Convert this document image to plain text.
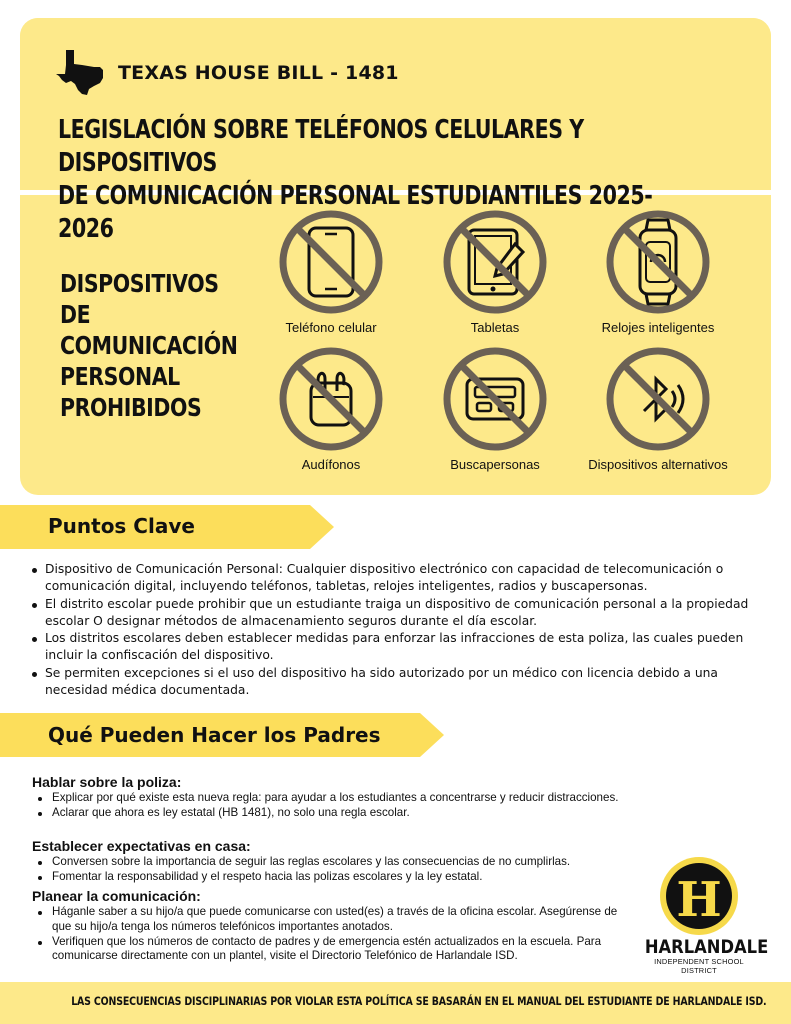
TEXAS HOUSE BILL - 1481
LEGISLACIÓN SOBRE TELÉFONOS CELULARES Y DISPOSITIVOS
DE COMUNICACIÓN PERSONAL ESTUDIANTILES 2025-2026
DISPOSITIVOS DE
COMUNICACIÓN
PERSONAL
PROHIBIDOS
Teléfono celular	Tabletas	Relojes inteligentes
Audífonos	Buscapersonas	Dispositivos alternativos
Puntos Clave
Dispositivo de Comunicación Personal: Cualquier dispositivo electrónico con capacidad de telecomunicación o comunicación digital, incluyendo teléfonos, tabletas, relojes inteligentes, radios y buscapersonas.
El distrito escolar puede prohibir que un estudiante traiga un dispositivo de comunicación personal a la propiedad escolar O designar métodos de almacenamiento seguros durante el día escolar.
Los distritos escolares deben establecer medidas para enforzar las infracciones de esta poliza, las cuales pueden incluir la confiscación del dispositivo.
Se permiten excepciones si el uso del dispositivo ha sido autorizado por un médico con licencia debido a una necesidad médica documentada.
Qué Pueden Hacer los Padres
Hablar sobre la poliza:
Explicar por qué existe esta nueva regla: para ayudar a los estudiantes a concentrarse y reducir distracciones.
Aclarar que ahora es ley estatal (HB 1481), no solo una regla escolar.
Establecer expectativas en casa:
Conversen sobre la importancia de seguir las reglas escolares y las consecuencias de no cumplirlas.
Fomentar la responsabilidad y el respeto hacia las polizas escolares y la ley estatal.
Planear la comunicación:
Háganle saber a su hijo/a que puede comunicarse con usted(es) a través de la oficina escolar. Asegúrense de que su hijo/a tenga los números telefónicos importantes anotados.
Verifiquen que los números de contacto de padres y de emergencia estén actualizados en la escuela. Para comunicarse directamente con un plantel, visite el Directorio Telefónico de Harlandale ISD.
H
HARLANDALE
INDEPENDENT SCHOOL DISTRICT
LAS CONSECUENCIAS DISCIPLINARIAS POR VIOLAR ESTA POLÍTICA SE BASARÁN EN EL MANUAL DEL ESTUDIANTE DE HARLANDALE ISD.
